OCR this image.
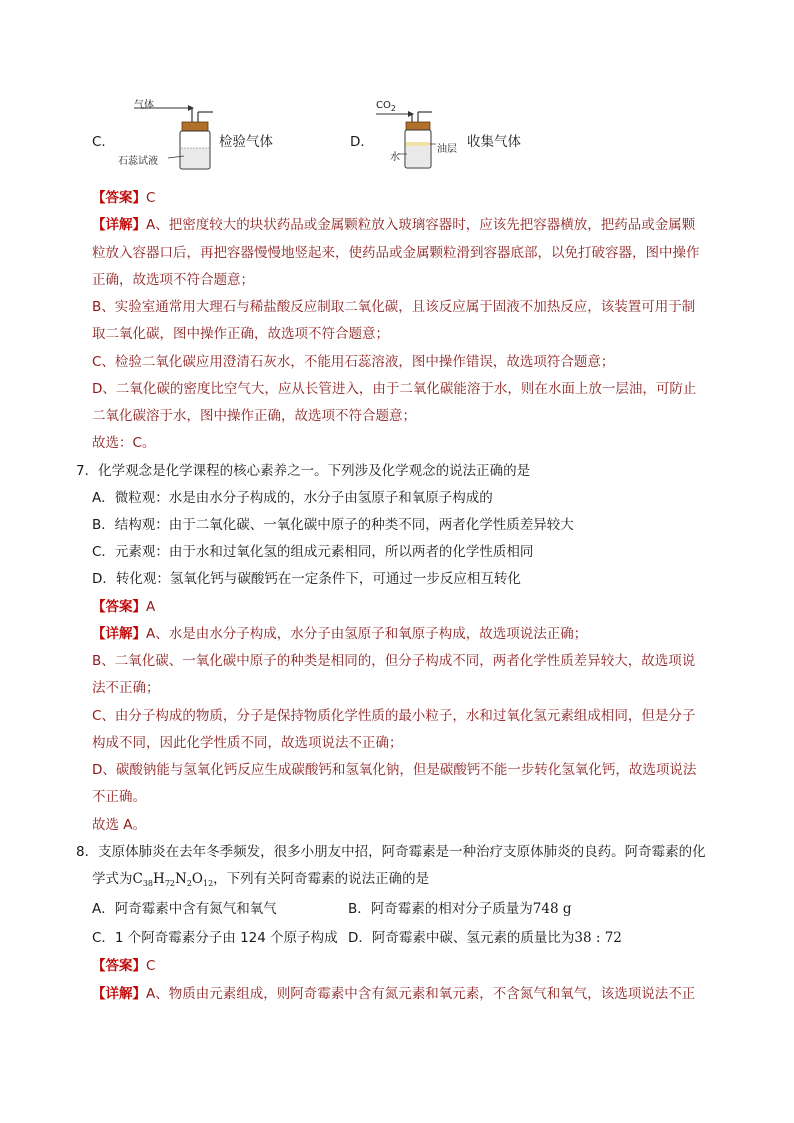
C．
气体
石蕊试液
检验气体	D．
$CO_2$
油层
水
收集气体
【答案】C
【详解】A、把密度较大的块状药品或金属颗粒放入玻璃容器时，应该先把容器横放，把药品或金属颗
粒放入容器口后，再把容器慢慢地竖起来，使药品或金属颗粒滑到容器底部，以免打破容器，图中操作
正确，故选项不符合题意；
B、实验室通常用大理石与稀盐酸反应制取二氧化碳，且该反应属于固液不加热反应，该装置可用于制
取二氧化碳，图中操作正确，故选项不符合题意；
C、检验二氧化碳应用澄清石灰水，不能用石蕊溶液，图中操作错误，故选项符合题意；
D、二氧化碳的密度比空气大，应从长管进入，由于二氧化碳能溶于水，则在水面上放一层油，可防止
二氧化碳溶于水，图中操作正确，故选项不符合题意；
故选：C。
7．化学观念是化学课程的核心素养之一。下列涉及化学观念的说法正确的是
A．微粒观：水是由水分子构成的，水分子由氢原子和氧原子构成的
B．结构观：由于二氧化碳、一氧化碳中原子的种类不同，两者化学性质差异较大
C．元素观：由于水和过氧化氢的组成元素相同，所以两者的化学性质相同
D．转化观：氢氧化钙与碳酸钙在一定条件下，可通过一步反应相互转化
【答案】A
【详解】A、水是由水分子构成，水分子由氢原子和氧原子构成，故选项说法正确；
B、二氧化碳、一氧化碳中原子的种类是相同的，但分子构成不同，两者化学性质差异较大，故选项说
法不正确；
C、由分子构成的物质，分子是保持物质化学性质的最小粒子，水和过氧化氢元素组成相同，但是分子
构成不同，因此化学性质不同，故选项说法不正确；
D、碳酸钠能与氢氧化钙反应生成碳酸钙和氢氧化钠，但是碳酸钙不能一步转化氢氧化钙，故选项说法
不正确。
故选 A。
8．支原体肺炎在去年冬季频发，很多小朋友中招，阿奇霉素是一种治疗支原体肺炎的良药。阿奇霉素的化
学式为$C_{38}H_{72}N_2O_{12}$，下列有关阿奇霉素的说法正确的是
A．阿奇霉素中含有氮气和氧气	B．阿奇霉素的相对分子质量为748 g
C．1 个阿奇霉素分子由 124 个原子构成 D．阿奇霉素中碳、氢元素的质量比为38 : 72
【答案】C
【详解】A、物质由元素组成，则阿奇霉素中含有氮元素和氧元素，不含氮气和氧气，该选项说法不正
